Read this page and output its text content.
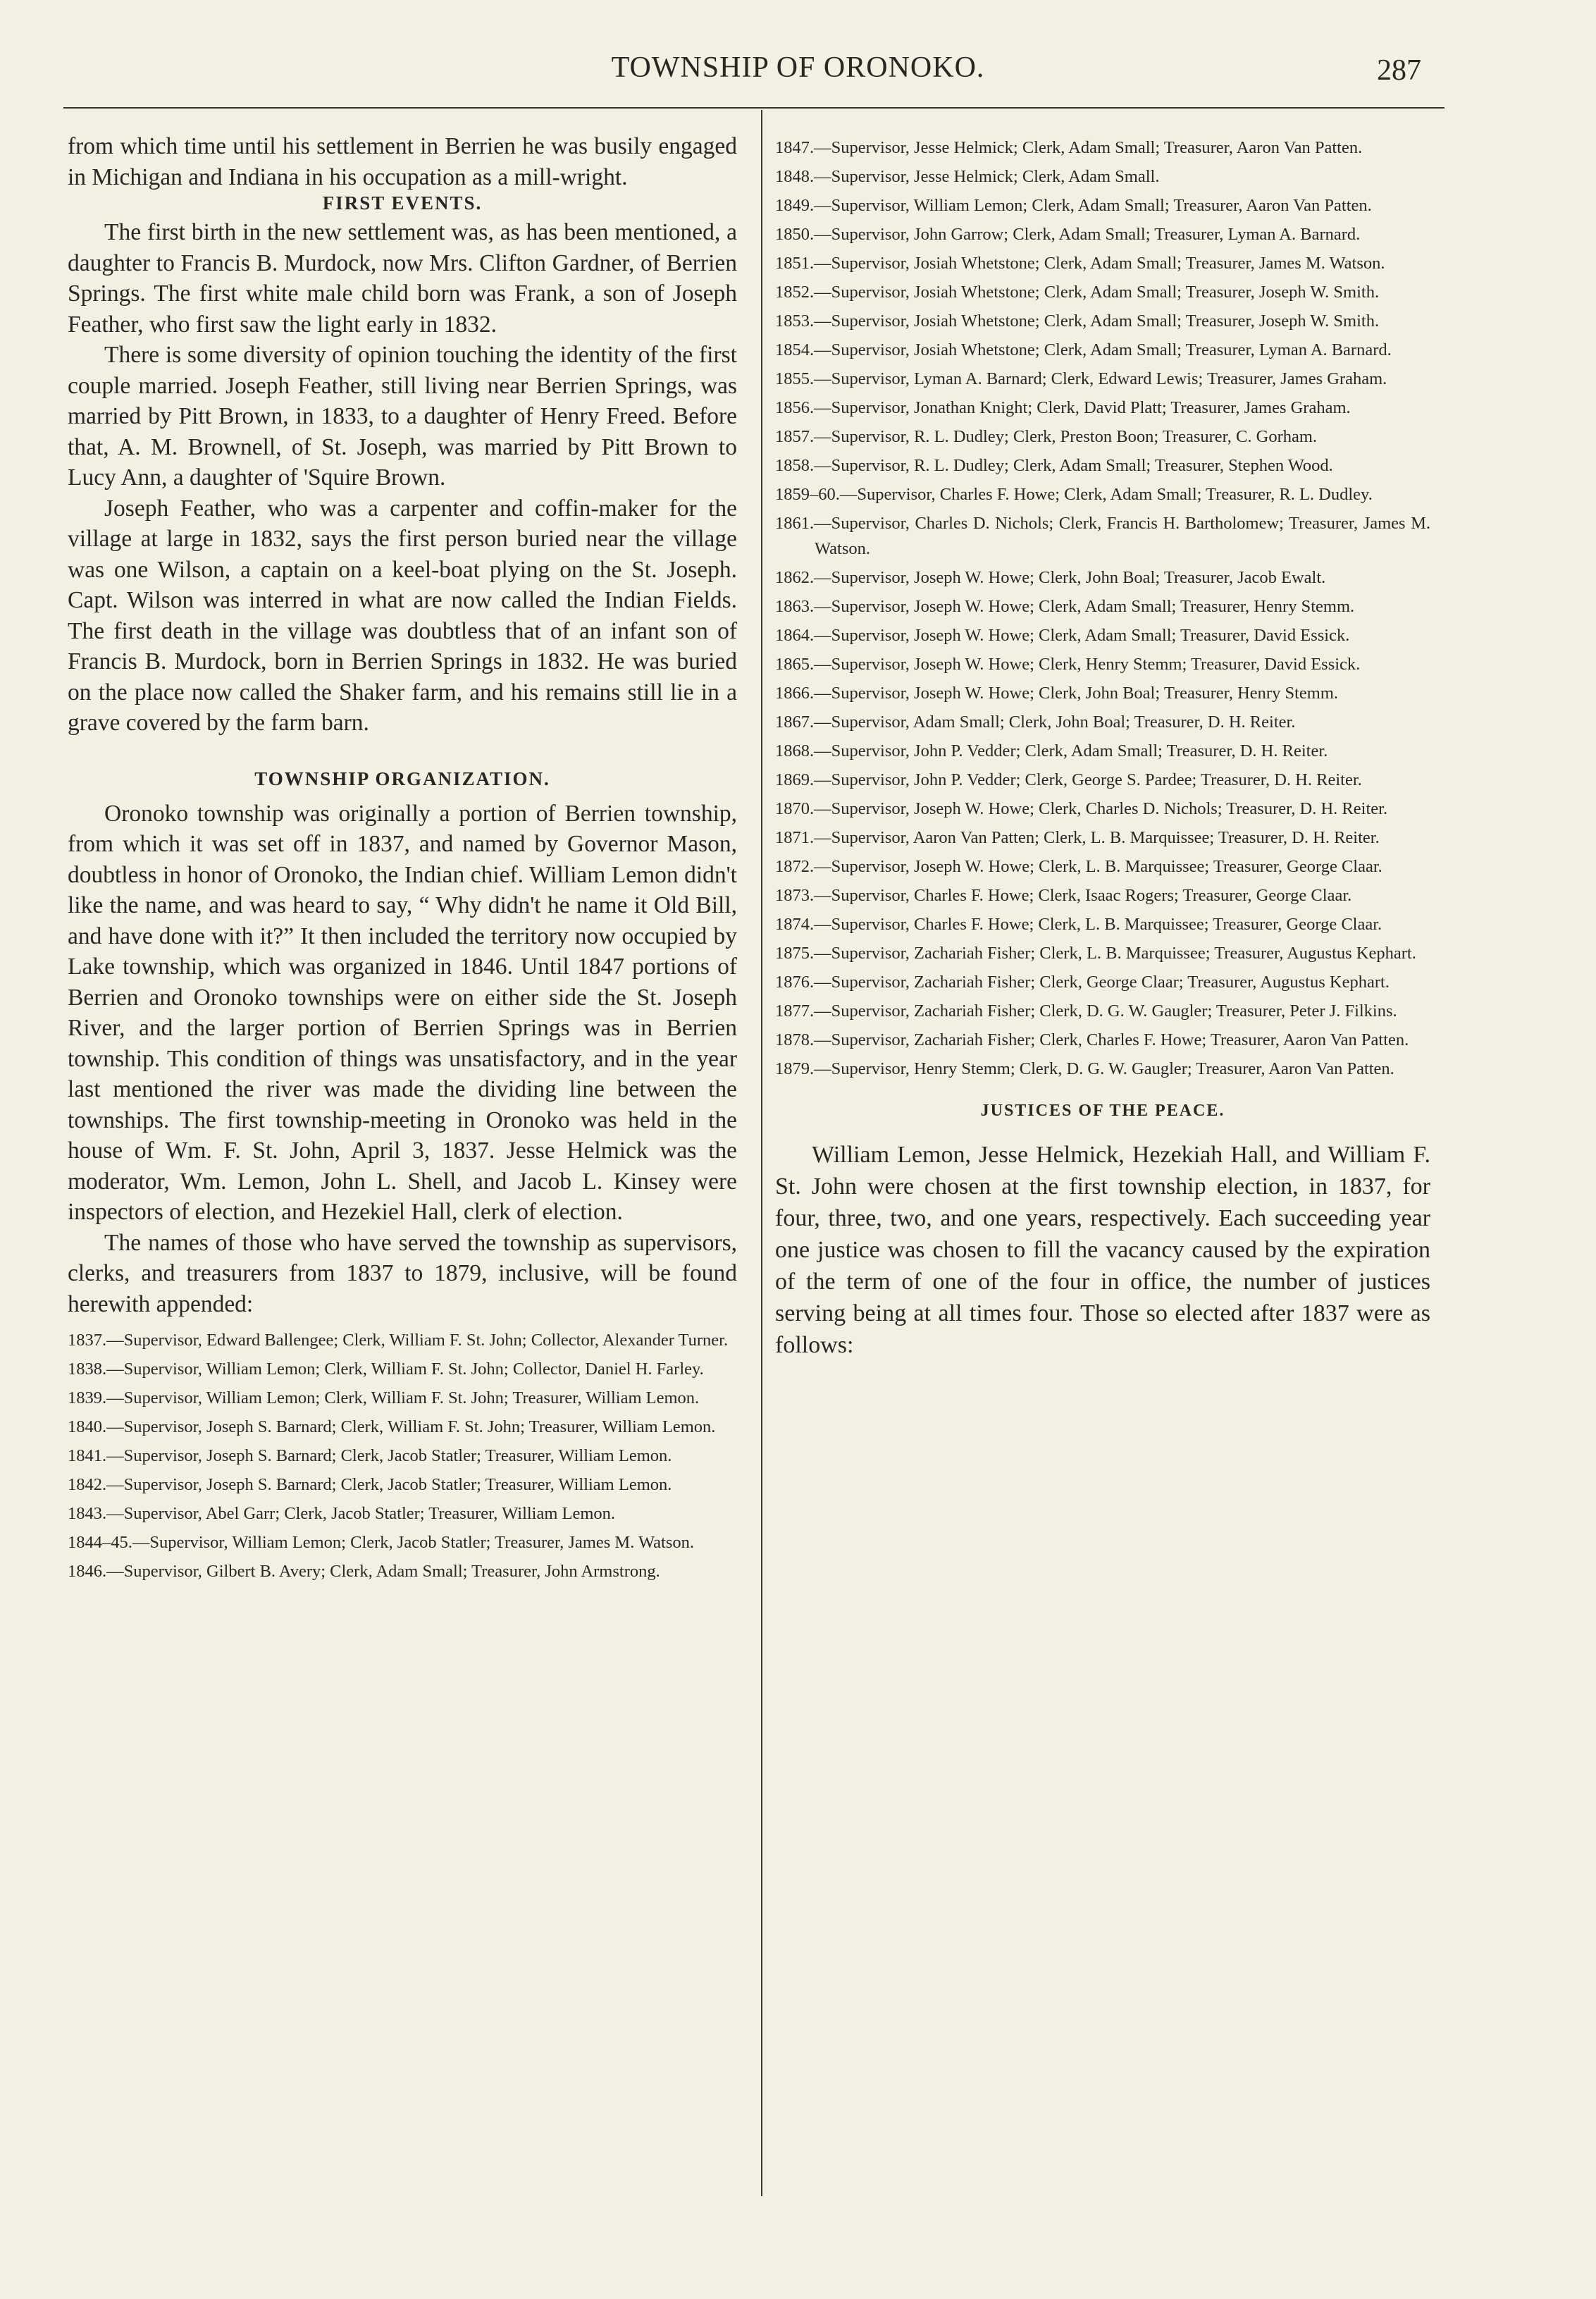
TOWNSHIP OF ORONOKO.	287

from which time until his settlement in Berrien he was busily engaged in Michigan and Indiana in his occupation as a mill-wright.

FIRST EVENTS.

The first birth in the new settlement was, as has been mentioned, a daughter to Francis B. Murdock, now Mrs. Clifton Gardner, of Berrien Springs. The first white male child born was Frank, a son of Joseph Feather, who first saw the light early in 1832.

There is some diversity of opinion touching the identity of the first couple married. Joseph Feather, still living near Berrien Springs, was married by Pitt Brown, in 1833, to a daughter of Henry Freed. Before that, A. M. Brownell, of St. Joseph, was married by Pitt Brown to Lucy Ann, a daughter of 'Squire Brown.

Joseph Feather, who was a carpenter and coffin-maker for the village at large in 1832, says the first person buried near the village was one Wilson, a captain on a keel-boat plying on the St. Joseph. Capt. Wilson was interred in what are now called the Indian Fields. The first death in the village was doubtless that of an infant son of Francis B. Murdock, born in Berrien Springs in 1832. He was buried on the place now called the Shaker farm, and his remains still lie in a grave covered by the farm barn.

TOWNSHIP ORGANIZATION.

Oronoko township was originally a portion of Berrien township, from which it was set off in 1837, and named by Governor Mason, doubtless in honor of Oronoko, the Indian chief. William Lemon didn't like the name, and was heard to say, “ Why didn't he name it Old Bill, and have done with it?” It then included the territory now occupied by Lake township, which was organized in 1846. Until 1847 portions of Berrien and Oronoko townships were on either side the St. Joseph River, and the larger portion of Berrien Springs was in Berrien township. This condition of things was unsatisfactory, and in the year last mentioned the river was made the dividing line between the townships. The first township-meeting in Oronoko was held in the house of Wm. F. St. John, April 3, 1837. Jesse Helmick was the moderator, Wm. Lemon, John L. Shell, and Jacob L. Kinsey were inspectors of election, and Hezekiel Hall, clerk of election.

The names of those who have served the township as supervisors, clerks, and treasurers from 1837 to 1879, inclusive, will be found herewith appended:

1837.—Supervisor, Edward Ballengee; Clerk, William F. St. John; Collector, Alexander Turner.

1838.—Supervisor, William Lemon; Clerk, William F. St. John; Collector, Daniel H. Farley.

1839.—Supervisor, William Lemon; Clerk, William F. St. John; Treasurer, William Lemon.

1840.—Supervisor, Joseph S. Barnard; Clerk, William F. St. John; Treasurer, William Lemon.

1841.—Supervisor, Joseph S. Barnard; Clerk, Jacob Statler; Treasurer, William Lemon.

1842.—Supervisor, Joseph S. Barnard; Clerk, Jacob Statler; Treasurer, William Lemon.

1843.—Supervisor, Abel Garr; Clerk, Jacob Statler; Treasurer, William Lemon.

1844–45.—Supervisor, William Lemon; Clerk, Jacob Statler; Treasurer, James M. Watson.

1846.—Supervisor, Gilbert B. Avery; Clerk, Adam Small; Treasurer, John Armstrong.

1847.—Supervisor, Jesse Helmick; Clerk, Adam Small; Treasurer, Aaron Van Patten.

1848.—Supervisor, Jesse Helmick; Clerk, Adam Small.

1849.—Supervisor, William Lemon; Clerk, Adam Small; Treasurer, Aaron Van Patten.

1850.—Supervisor, John Garrow; Clerk, Adam Small; Treasurer, Lyman A. Barnard.

1851.—Supervisor, Josiah Whetstone; Clerk, Adam Small; Treasurer, James M. Watson.

1852.—Supervisor, Josiah Whetstone; Clerk, Adam Small; Treasurer, Joseph W. Smith.

1853.—Supervisor, Josiah Whetstone; Clerk, Adam Small; Treasurer, Joseph W. Smith.

1854.—Supervisor, Josiah Whetstone; Clerk, Adam Small; Treasurer, Lyman A. Barnard.

1855.—Supervisor, Lyman A. Barnard; Clerk, Edward Lewis; Treasurer, James Graham.

1856.—Supervisor, Jonathan Knight; Clerk, David Platt; Treasurer, James Graham.

1857.—Supervisor, R. L. Dudley; Clerk, Preston Boon; Treasurer, C. Gorham.

1858.—Supervisor, R. L. Dudley; Clerk, Adam Small; Treasurer, Stephen Wood.

1859–60.—Supervisor, Charles F. Howe; Clerk, Adam Small; Treasurer, R. L. Dudley.

1861.—Supervisor, Charles D. Nichols; Clerk, Francis H. Bartholomew; Treasurer, James M. Watson.

1862.—Supervisor, Joseph W. Howe; Clerk, John Boal; Treasurer, Jacob Ewalt.

1863.—Supervisor, Joseph W. Howe; Clerk, Adam Small; Treasurer, Henry Stemm.

1864.—Supervisor, Joseph W. Howe; Clerk, Adam Small; Treasurer, David Essick.

1865.—Supervisor, Joseph W. Howe; Clerk, Henry Stemm; Treasurer, David Essick.

1866.—Supervisor, Joseph W. Howe; Clerk, John Boal; Treasurer, Henry Stemm.

1867.—Supervisor, Adam Small; Clerk, John Boal; Treasurer, D. H. Reiter.

1868.—Supervisor, John P. Vedder; Clerk, Adam Small; Treasurer, D. H. Reiter.

1869.—Supervisor, John P. Vedder; Clerk, George S. Pardee; Treasurer, D. H. Reiter.

1870.—Supervisor, Joseph W. Howe; Clerk, Charles D. Nichols; Treasurer, D. H. Reiter.

1871.—Supervisor, Aaron Van Patten; Clerk, L. B. Marquissee; Treasurer, D. H. Reiter.

1872.—Supervisor, Joseph W. Howe; Clerk, L. B. Marquissee; Treasurer, George Claar.

1873.—Supervisor, Charles F. Howe; Clerk, Isaac Rogers; Treasurer, George Claar.

1874.—Supervisor, Charles F. Howe; Clerk, L. B. Marquissee; Treasurer, George Claar.

1875.—Supervisor, Zachariah Fisher; Clerk, L. B. Marquissee; Treasurer, Augustus Kephart.

1876.—Supervisor, Zachariah Fisher; Clerk, George Claar; Treasurer, Augustus Kephart.

1877.—Supervisor, Zachariah Fisher; Clerk, D. G. W. Gaugler; Treasurer, Peter J. Filkins.

1878.—Supervisor, Zachariah Fisher; Clerk, Charles F. Howe; Treasurer, Aaron Van Patten.

1879.—Supervisor, Henry Stemm; Clerk, D. G. W. Gaugler; Treasurer, Aaron Van Patten.

JUSTICES OF THE PEACE.

William Lemon, Jesse Helmick, Hezekiah Hall, and William F. St. John were chosen at the first township election, in 1837, for four, three, two, and one years, respectively. Each succeeding year one justice was chosen to fill the vacancy caused by the expiration of the term of one of the four in office, the number of justices serving being at all times four. Those so elected after 1837 were as follows:
